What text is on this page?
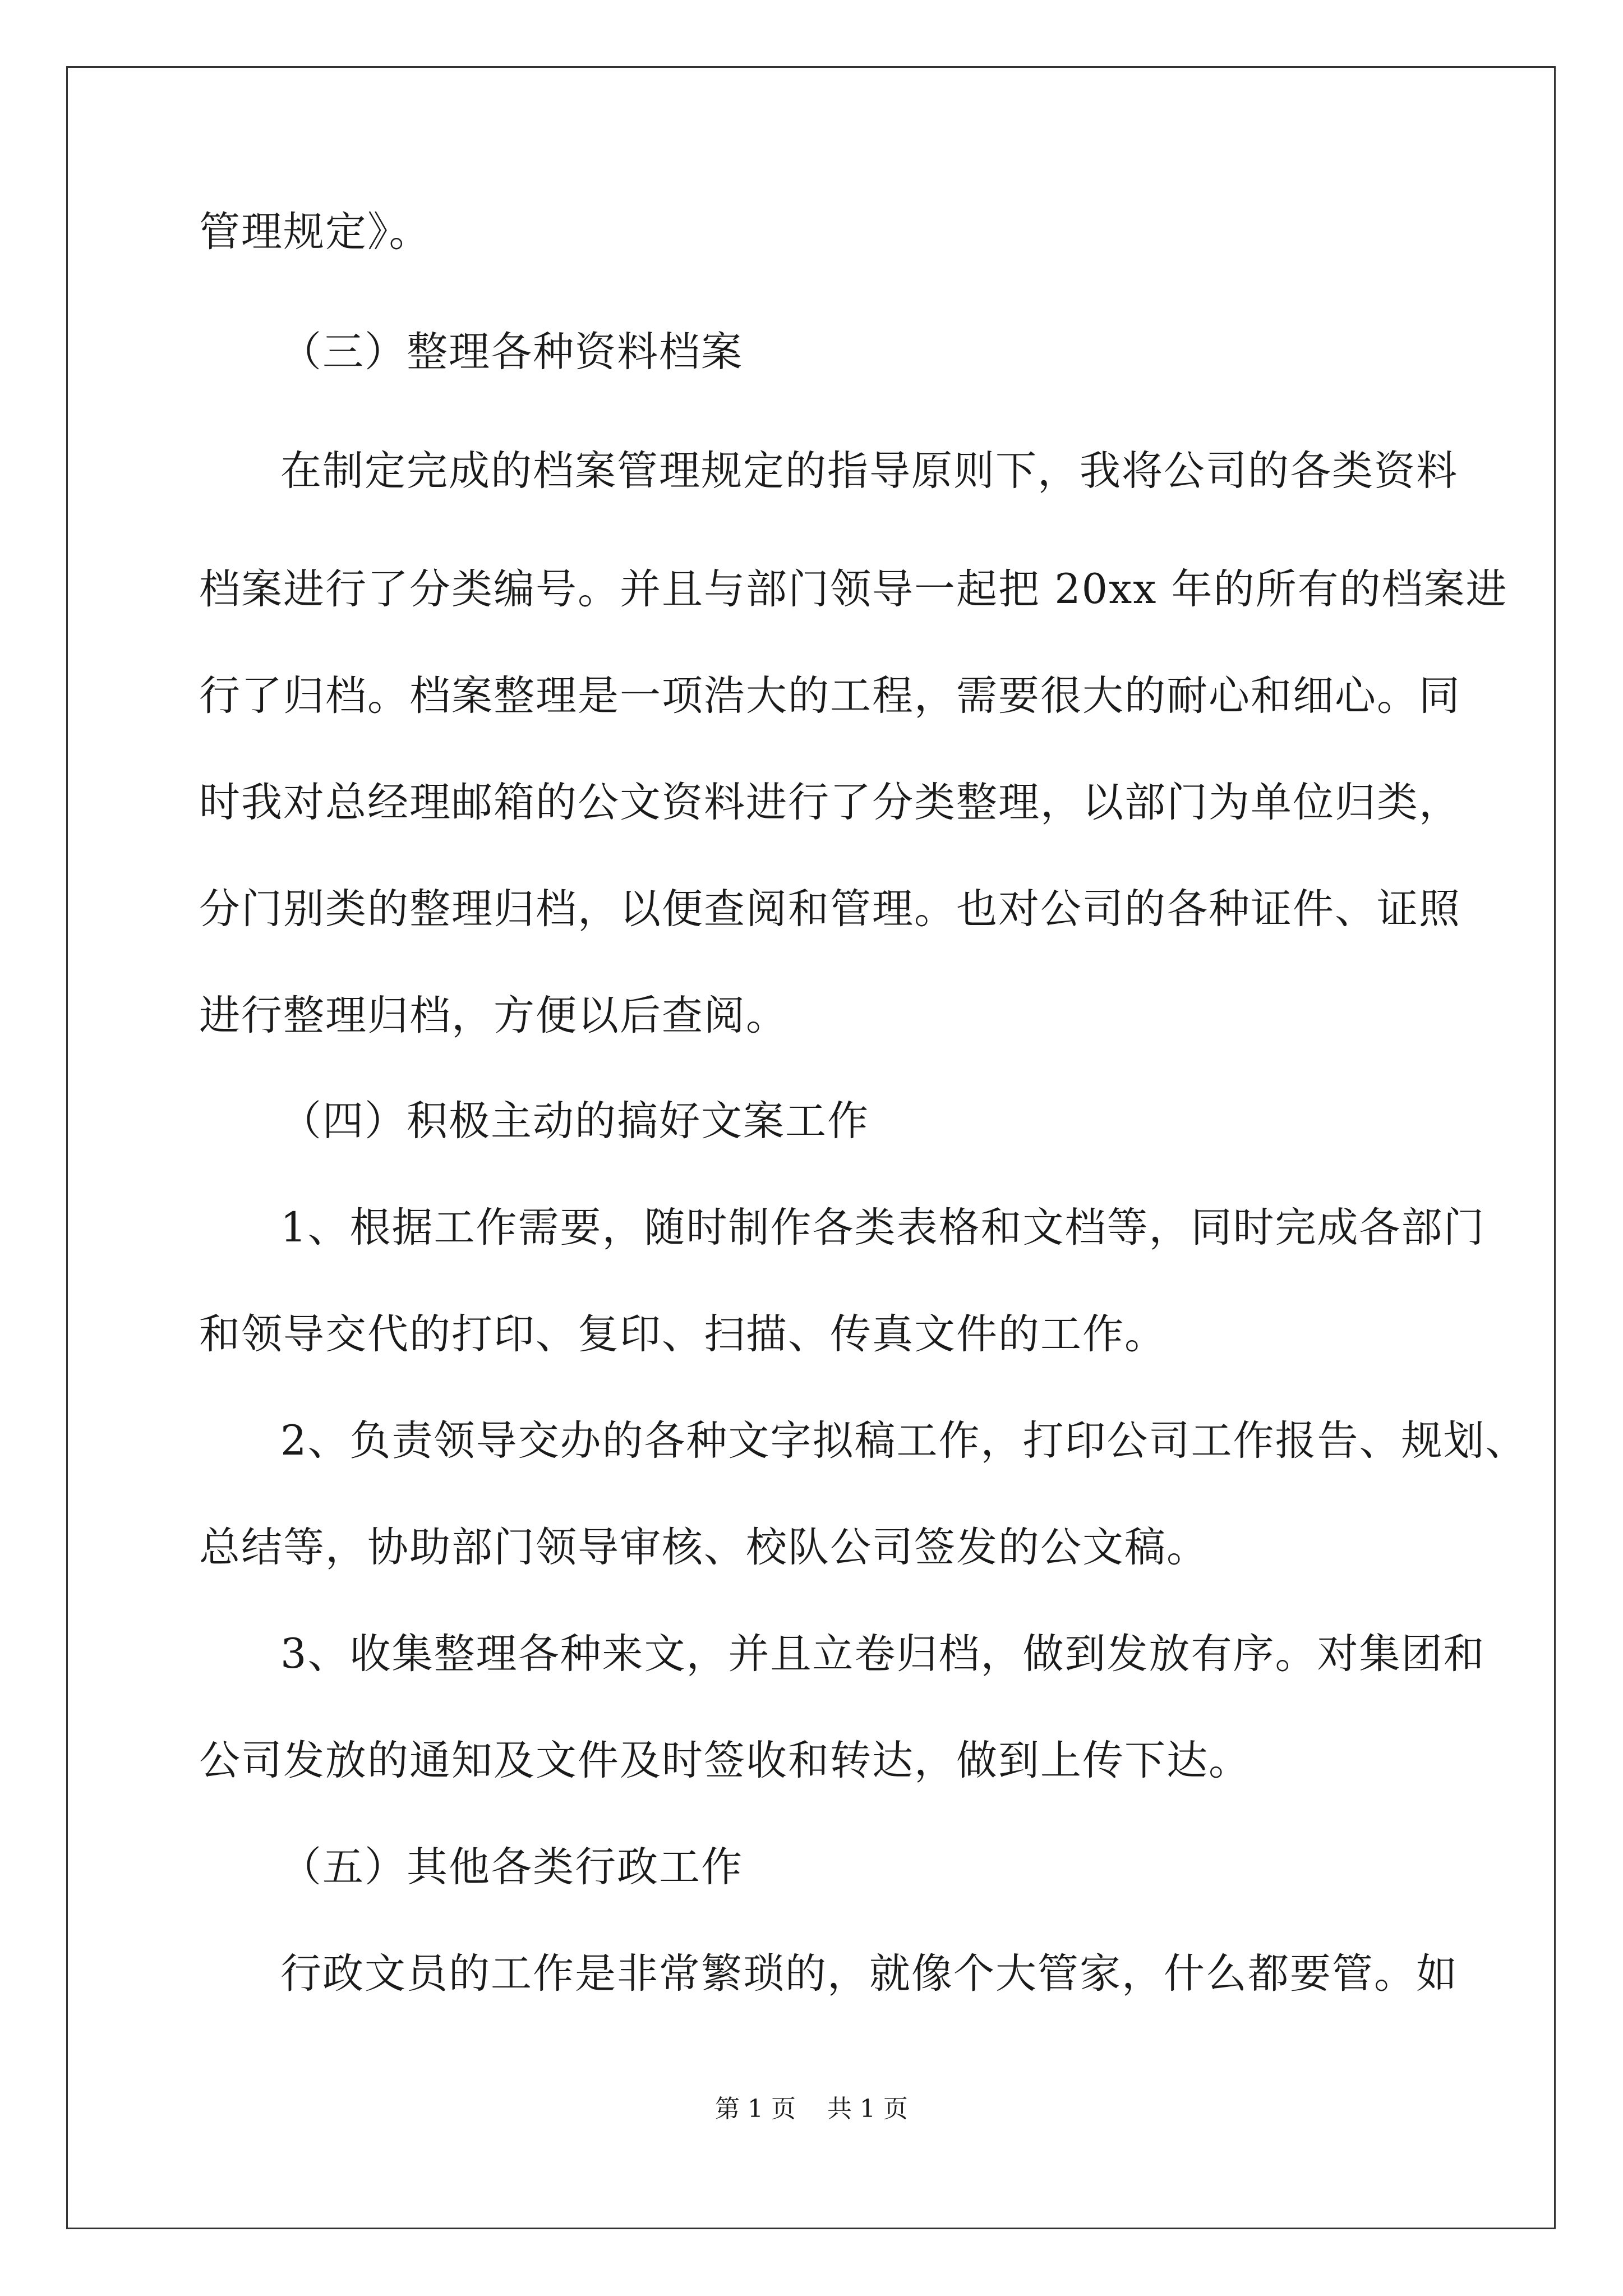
管理规定》。
（三）整理各种资料档案
在制定完成的档案管理规定的指导原则下，我将公司的各类资料
档案进行了分类编号。并且与部门领导一起把 20xx 年的所有的档案进
行了归档。档案整理是一项浩大的工程，需要很大的耐心和细心。同
时我对总经理邮箱的公文资料进行了分类整理，以部门为单位归类，
分门别类的整理归档，以便查阅和管理。也对公司的各种证件、证照
进行整理归档，方便以后查阅。
（四）积极主动的搞好文案工作
1、根据工作需要，随时制作各类表格和文档等，同时完成各部门
和领导交代的打印、复印、扫描、传真文件的工作。
2、负责领导交办的各种文字拟稿工作，打印公司工作报告、规划、
总结等，协助部门领导审核、校队公司签发的公文稿。
3、收集整理各种来文，并且立卷归档，做到发放有序。对集团和
公司发放的通知及文件及时签收和转达，做到上传下达。
（五）其他各类行政工作
行政文员的工作是非常繁琐的，就像个大管家，什么都要管。如
第 1 页 共 1 页
